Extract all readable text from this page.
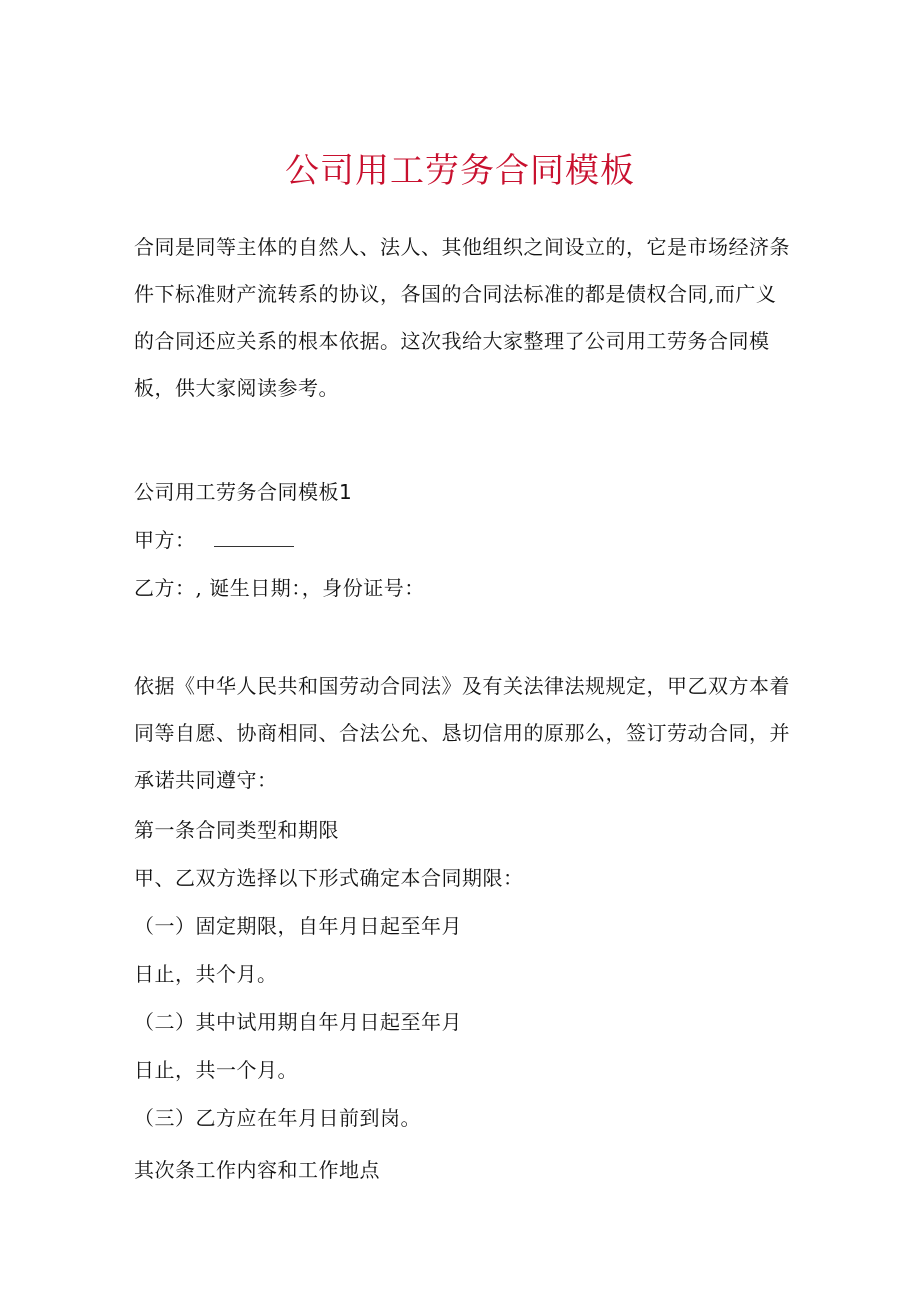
公司用工劳务合同模板
合同是同等主体的自然人、法人、其他组织之间设立的，它是市场经济条件下标准财产流转系的协议，各国的合同法标准的都是债权合同,而广义的合同还应关系的根本依据。这次我给大家整理了公司用工劳务合同模板，供大家阅读参考。
公司用工劳务合同模板1
甲方：
乙方：, 诞生日期：，身份证号：
依据《中华人民共和国劳动合同法》及有关法律法规规定，甲乙双方本着同等自愿、协商相同、合法公允、恳切信用的原那么，签订劳动合同，并承诺共同遵守：
第一条合同类型和期限
甲、乙双方选择以下形式确定本合同期限：
（一）固定期限，自年月日起至年月
日止，共个月。
（二）其中试用期自年月日起至年月
日止，共一个月。
（三）乙方应在年月日前到岗。
其次条工作内容和工作地点
